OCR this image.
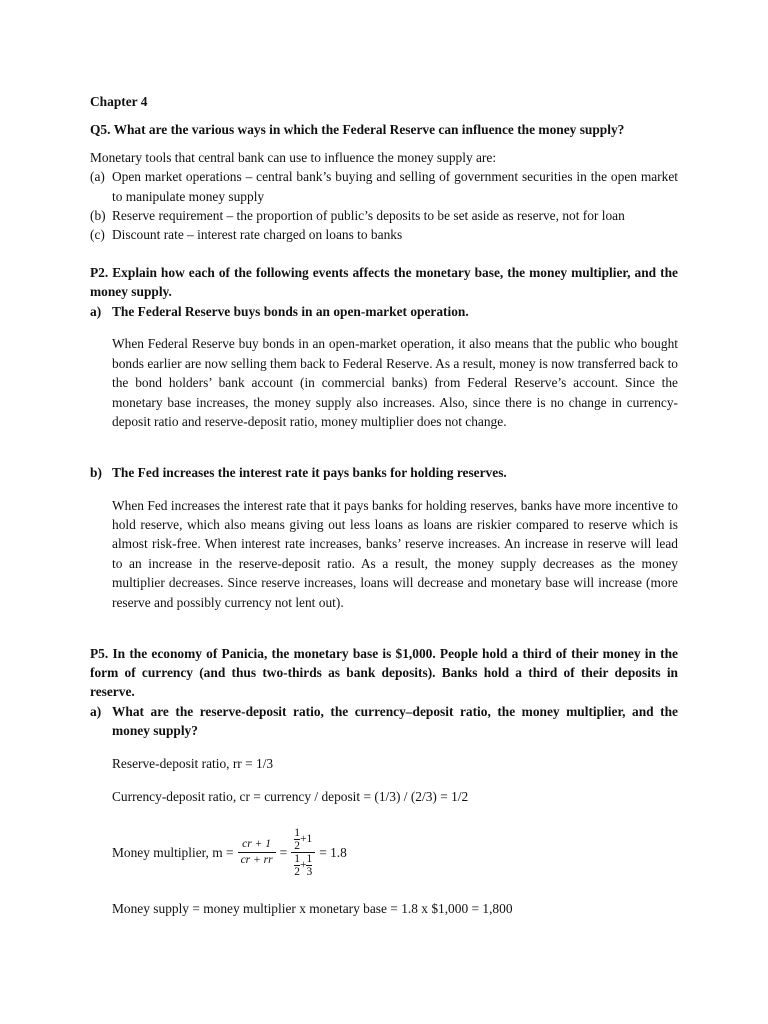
Chapter 4

Q5. What are the various ways in which the Federal Reserve can influence the money supply?

Monetary tools that central bank can use to influence the money supply are:

(a) Open market operations – central bank’s buying and selling of government securities in the open market to manipulate money supply
(b) Reserve requirement – the proportion of public’s deposits to be set aside as reserve, not for loan
(c) Discount rate – interest rate charged on loans to banks

P2. Explain how each of the following events affects the monetary base, the money multiplier, and the money supply.

a) The Federal Reserve buys bonds in an open-market operation.

When Federal Reserve buy bonds in an open-market operation, it also means that the public who bought bonds earlier are now selling them back to Federal Reserve. As a result, money is now transferred back to the bond holders’ bank account (in commercial banks) from Federal Reserve’s account. Since the monetary base increases, the money supply also increases. Also, since there is no change in currency-deposit ratio and reserve-deposit ratio, money multiplier does not change.

b) The Fed increases the interest rate it pays banks for holding reserves.

When Fed increases the interest rate that it pays banks for holding reserves, banks have more incentive to hold reserve, which also means giving out less loans as loans are riskier compared to reserve which is almost risk-free. When interest rate increases, banks’ reserve increases. An increase in reserve will lead to an increase in the reserve-deposit ratio. As a result, the money supply decreases as the money multiplier decreases. Since reserve increases, loans will decrease and monetary base will increase (more reserve and possibly currency not lent out).

P5. In the economy of Panicia, the monetary base is $1,000. People hold a third of their money in the form of currency (and thus two-thirds as bank deposits). Banks hold a third of their deposits in reserve.

a) What are the reserve-deposit ratio, the currency–deposit ratio, the money multiplier, and the money supply?

Reserve-deposit ratio, rr = 1/3

Currency-deposit ratio, cr = currency / deposit = (1/3) / (2/3) = 1/2

Money multiplier, $m = \frac{cr + 1}{cr + rr}$ =
$\frac{1}{2} + 1$
$\frac{1}{2} + \frac{1}{3}$
= 1.8

Money supply = money multiplier x monetary base = 1.8 x $1,000 = 1,800
